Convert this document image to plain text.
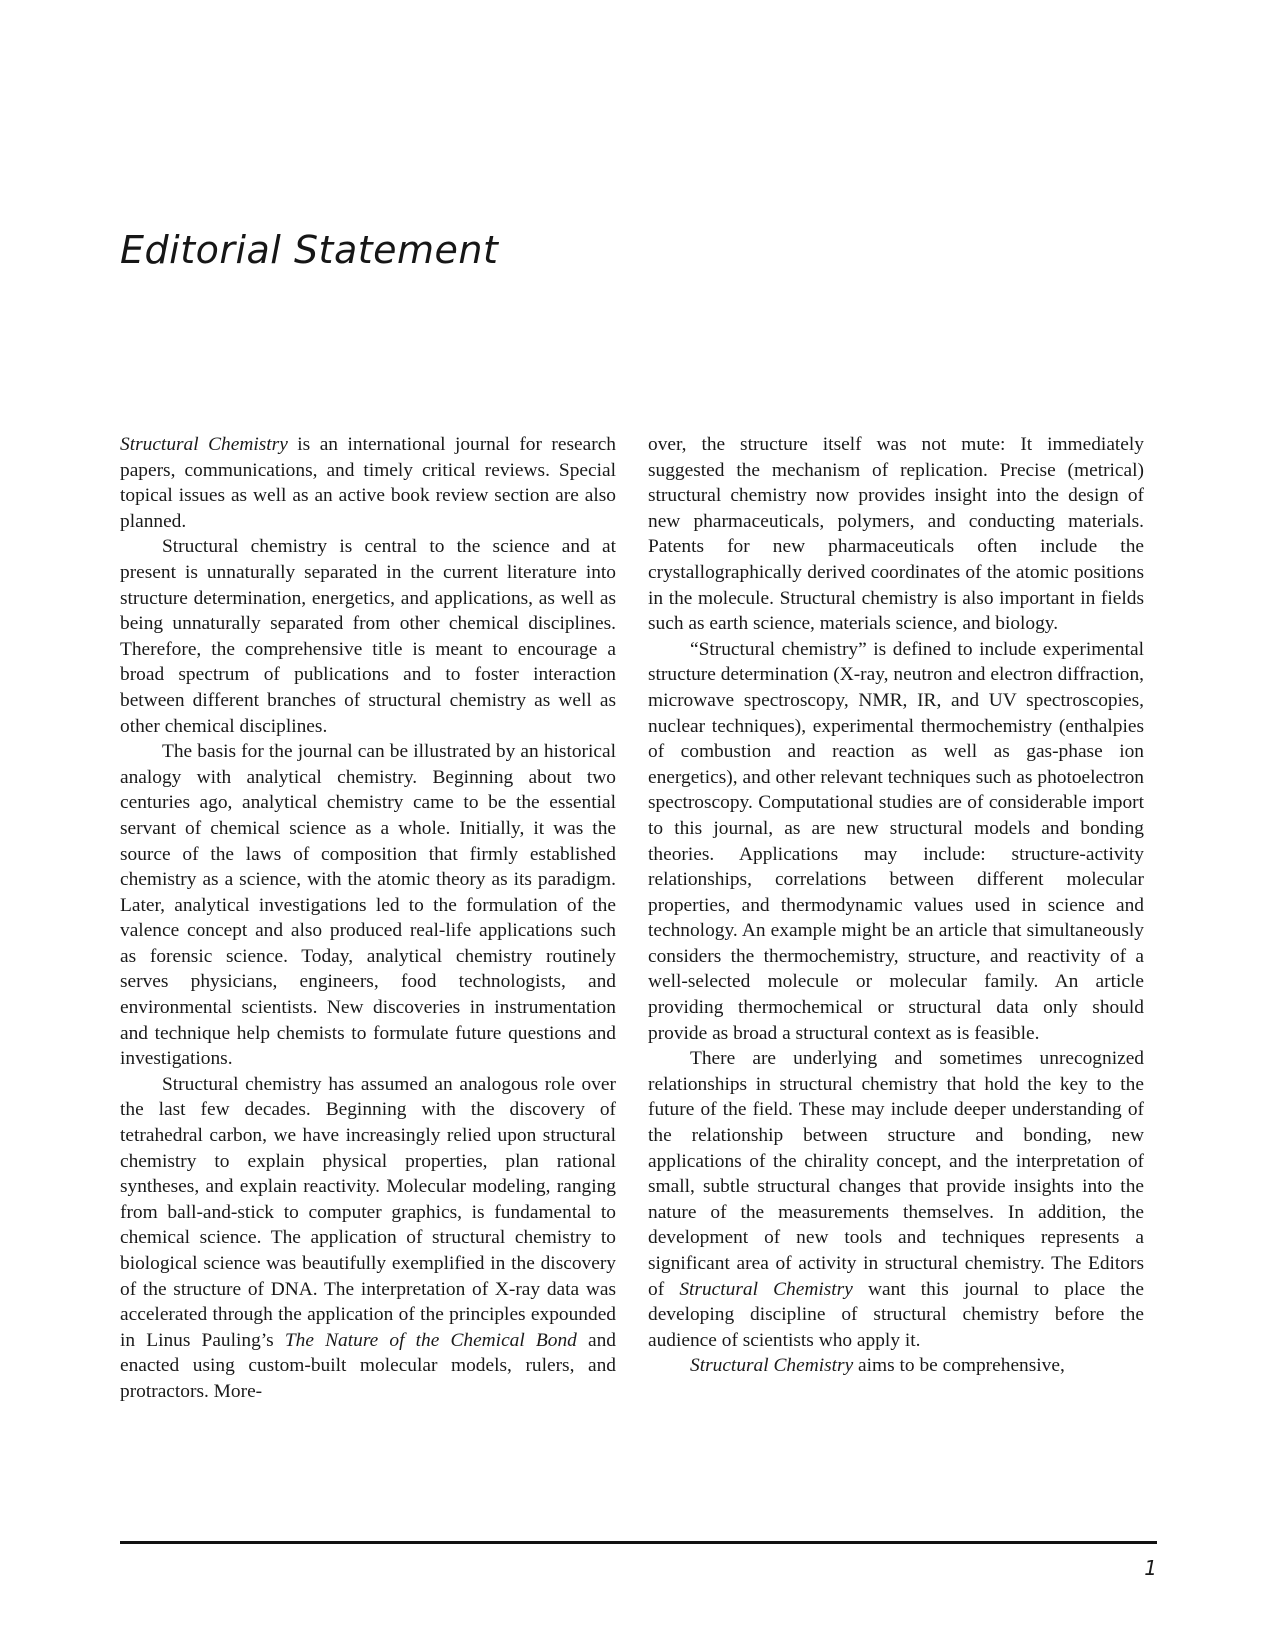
Editorial Statement

Structural Chemistry is an international journal for research papers, communications, and timely critical reviews. Special topical issues as well as an active book review section are also planned.

Structural chemistry is central to the science and at present is unnaturally separated in the current literature into structure determination, energetics, and applications, as well as being unnaturally separated from other chemical disciplines. Therefore, the comprehensive title is meant to encourage a broad spectrum of publications and to foster interaction between different branches of structural chemistry as well as other chemical disciplines.

The basis for the journal can be illustrated by an historical analogy with analytical chemistry. Beginning about two centuries ago, analytical chemistry came to be the essential servant of chemical science as a whole. Initially, it was the source of the laws of composition that firmly established chemistry as a science, with the atomic theory as its paradigm. Later, analytical investigations led to the formulation of the valence concept and also produced real-life applications such as forensic science. Today, analytical chemistry routinely serves physicians, engineers, food technologists, and environmental scientists. New discoveries in instrumentation and technique help chemists to formulate future questions and investigations.

Structural chemistry has assumed an analogous role over the last few decades. Beginning with the discovery of tetrahedral carbon, we have increasingly relied upon structural chemistry to explain physical properties, plan rational syntheses, and explain reactivity. Molecular modeling, ranging from ball-and-stick to computer graphics, is fundamental to chemical science. The application of structural chemistry to biological science was beautifully exemplified in the discovery of the structure of DNA. The interpretation of X-ray data was accelerated through the application of the principles expounded in Linus Pauling’s The Nature of the Chemical Bond and enacted using custom-built molecular models, rulers, and protractors. More-

over, the structure itself was not mute: It immediately suggested the mechanism of replication. Precise (metrical) structural chemistry now provides insight into the design of new pharmaceuticals, polymers, and conducting materials. Patents for new pharmaceuticals often include the crystallographically derived coordinates of the atomic positions in the molecule. Structural chemistry is also important in fields such as earth science, materials science, and biology.

“Structural chemistry” is defined to include experimental structure determination (X-ray, neutron and electron diffraction, microwave spectroscopy, NMR, IR, and UV spectroscopies, nuclear techniques), experimental thermochemistry (enthalpies of combustion and reaction as well as gas-phase ion energetics), and other relevant techniques such as photoelectron spectroscopy. Computational studies are of considerable import to this journal, as are new structural models and bonding theories. Applications may include: structure-activity relationships, correlations between different molecular properties, and thermodynamic values used in science and technology. An example might be an article that simultaneously considers the thermochemistry, structure, and reactivity of a well-selected molecule or molecular family. An article providing thermochemical or structural data only should provide as broad a structural context as is feasible.

There are underlying and sometimes unrecognized relationships in structural chemistry that hold the key to the future of the field. These may include deeper understanding of the relationship between structure and bonding, new applications of the chirality concept, and the interpretation of small, subtle structural changes that provide insights into the nature of the measurements themselves. In addition, the development of new tools and techniques represents a significant area of activity in structural chemistry. The Editors of Structural Chemistry want this journal to place the developing discipline of structural chemistry before the audience of scientists who apply it.

Structural Chemistry aims to be comprehensive,

1
